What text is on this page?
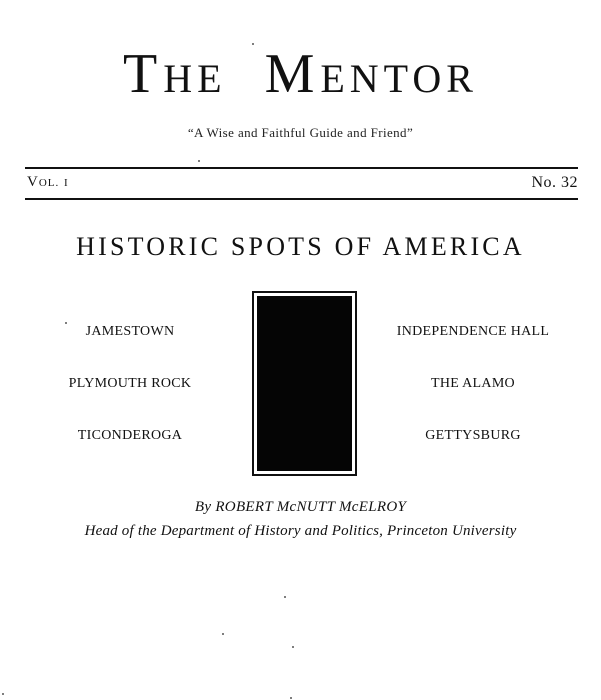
THE MENTOR
“A Wise and Faithful Guide and Friend”
VOL. I	No. 32
HISTORIC SPOTS OF AMERICA
JAMESTOWN
PLYMOUTH ROCK
TICONDEROGA
INDEPENDENCE HALL
THE ALAMO
GETTYSBURG
By ROBERT McNUTT McELROY
Head of the Department of History and Politics, Princeton University
